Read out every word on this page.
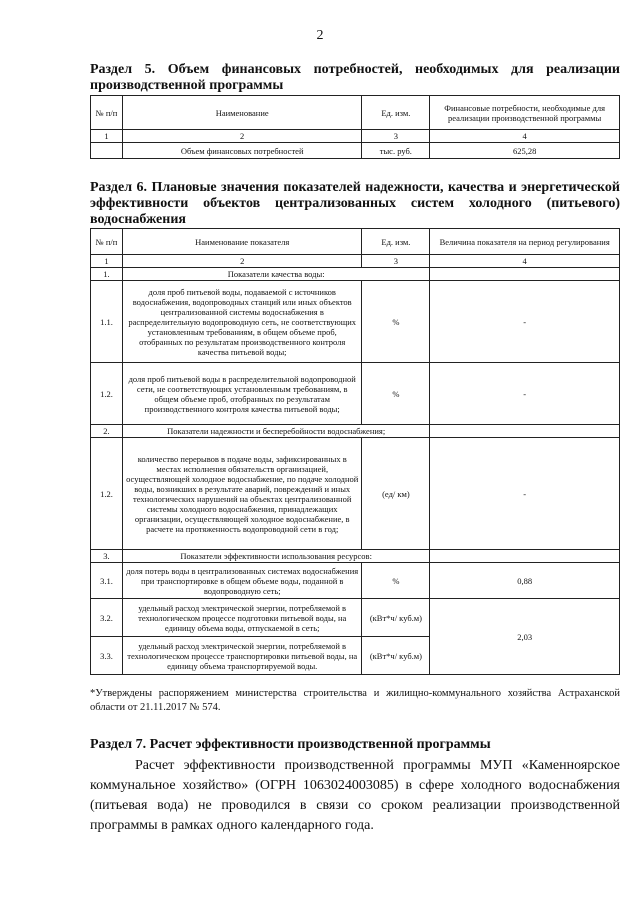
2
Раздел 5. Объем финансовых потребностей, необходимых для реализации производственной программы
№ п/п	Наименование	Ед. изм.	Финансовые потребности, необходимые для реализации производственной программы
1	2	3	4
	Объем финансовых потребностей	тыс. руб.	625,28
Раздел 6. Плановые значения показателей надежности, качества и энергетической эффективности объектов централизованных систем холодного (питьевого) водоснабжения
№ п/п	Наименование показателя	Ед. изм.	Величина показателя на период регулирования
1	2	3	4
1.	Показатели качества воды:		
1.1.	доля проб питьевой воды, подаваемой с источников водоснабжения, водопроводных станций или иных объектов централизованной системы водоснабжения в распределительную водопроводную сеть, не соответствующих установленным требованиям, в общем объеме проб, отобранных по результатам производственного контроля качества питьевой воды;	%	-
1.2.	доля проб питьевой воды в распределительной водопроводной сети, не соответствующих установленным требованиям, в общем объеме проб, отобранных по результатам производственного контроля качества питьевой воды;	%	-
2.	Показатели надежности и бесперебойности водоснабжения;		
1.2.	количество перерывов в подаче воды, зафиксированных в местах исполнения обязательств организацией, осуществляющей холодное водоснабжение, по подаче холодной воды, возникших в результате аварий, повреждений и иных технологических нарушений на объектах централизованной системы холодного водоснабжения, принадлежащих организации, осуществляющей холодное водоснабжение, в расчете на протяженность водопроводной сети в год;	(ед/ км)	-
3.	Показатели эффективности использования ресурсов:		
3.1.	доля потерь воды в централизованных системах водоснабжения при транспортировке в общем объеме воды, поданной в водопроводную сеть;	%	0,88
3.2.	удельный расход электрической энергии, потребляемой в технологическом процессе подготовки питьевой воды, на единицу объема воды, отпускаемой в сеть;	(кВт*ч/ куб.м)	2,03
3.3.	удельный расход электрической энергии, потребляемой в технологическом процессе транспортировки питьевой воды, на единицу объема транспортируемой воды.	(кВт*ч/ куб.м)	
*Утверждены распоряжением министерства строительства и жилищно-коммунального хозяйства Астраханской области от 21.11.2017 № 574.
Раздел 7. Расчет эффективности производственной программы
Расчет эффективности производственной программы МУП «Каменноярское коммунальное хозяйство» (ОГРН 1063024003085) в сфере холодного водоснабжения (питьевая вода) не проводился в связи со сроком реализации производственной программы в рамках одного календарного года.
